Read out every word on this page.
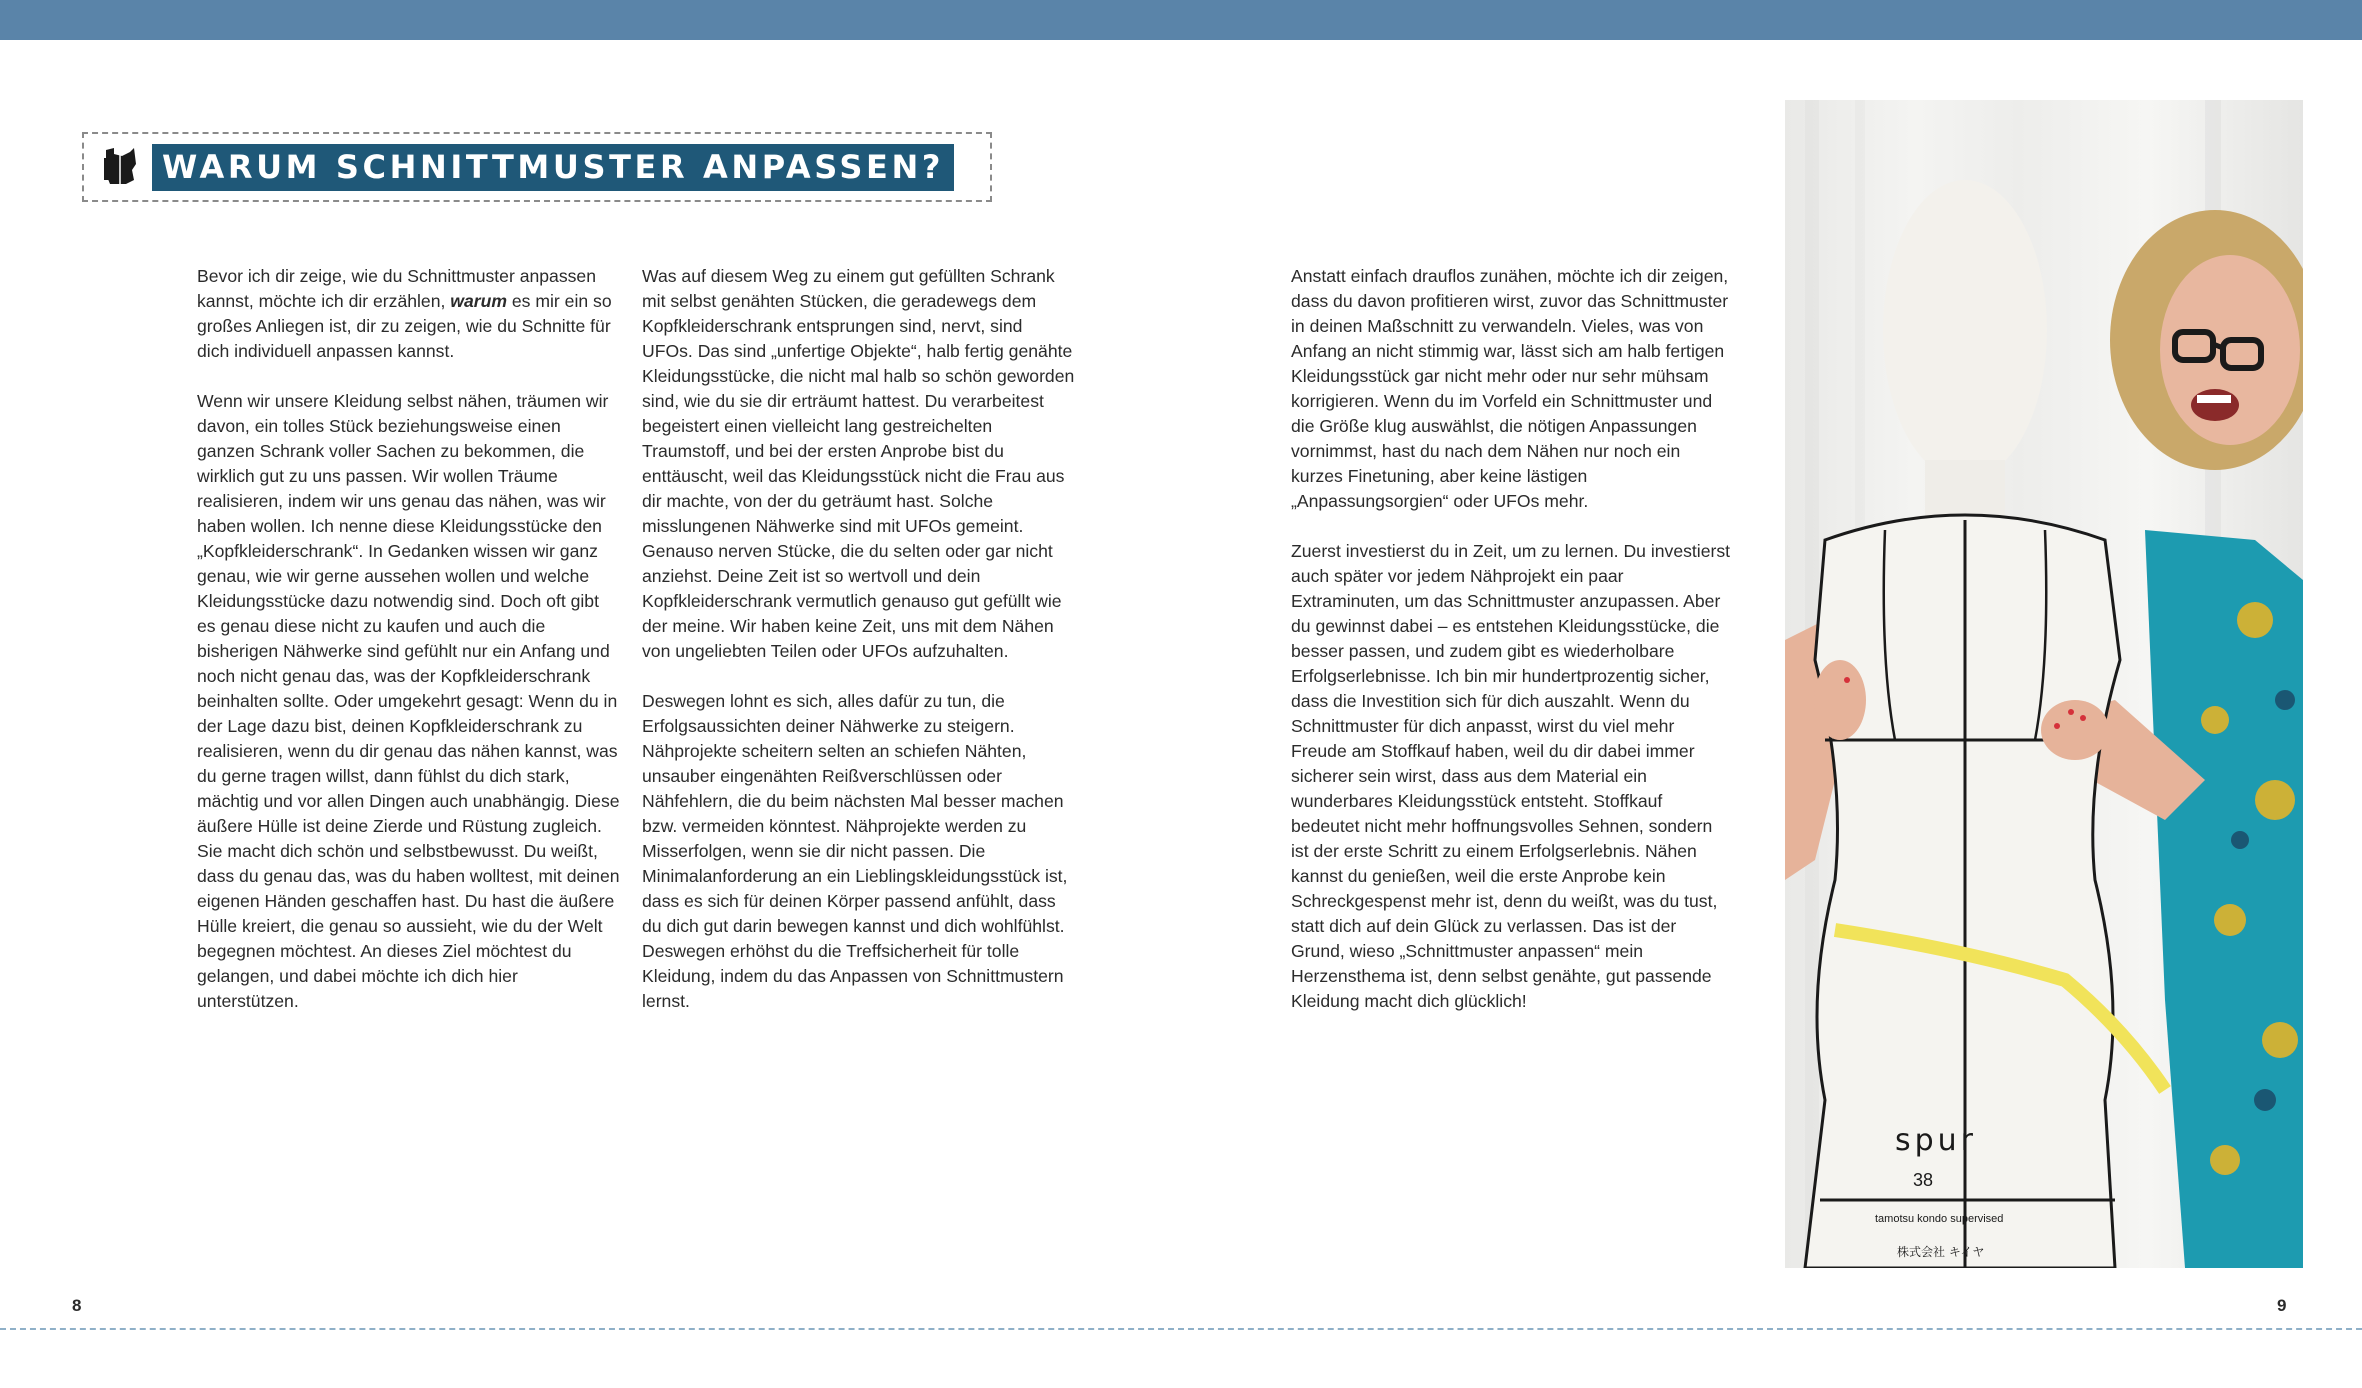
WARUM SCHNITTMUSTER ANPASSEN?

Bevor ich dir zeige, wie du Schnittmuster anpassen kannst, möchte ich dir erzählen, warum es mir ein so großes Anliegen ist, dir zu zeigen, wie du Schnitte für dich individuell anpassen kannst.

Wenn wir unsere Kleidung selbst nähen, träumen wir davon, ein tolles Stück beziehungsweise einen ganzen Schrank voller Sachen zu bekommen, die wirklich gut zu uns passen. Wir wollen Träume realisieren, indem wir uns genau das nähen, was wir haben wollen. Ich nenne diese Kleidungsstücke den „Kopfkleiderschrank“. In Gedanken wissen wir ganz genau, wie wir gerne aussehen wollen und welche Kleidungsstücke dazu notwendig sind. Doch oft gibt es genau diese nicht zu kaufen und auch die bisherigen Nähwerke sind gefühlt nur ein Anfang und noch nicht genau das, was der Kopfkleiderschrank beinhalten sollte. Oder umgekehrt gesagt: Wenn du in der Lage dazu bist, deinen Kopfkleiderschrank zu realisieren, wenn du dir genau das nähen kannst, was du gerne tragen willst, dann fühlst du dich stark, mächtig und vor allen Dingen auch unabhängig. Diese äußere Hülle ist deine Zierde und Rüstung zugleich. Sie macht dich schön und selbstbewusst. Du weißt, dass du genau das, was du haben wolltest, mit deinen eigenen Händen geschaffen hast. Du hast die äußere Hülle kreiert, die genau so aussieht, wie du der Welt begegnen möchtest. An dieses Ziel möchtest du gelangen, und dabei möchte ich dich hier unterstützen.

Was auf diesem Weg zu einem gut gefüllten Schrank mit selbst genähten Stücken, die geradewegs dem Kopfkleiderschrank entsprungen sind, nervt, sind UFOs. Das sind „unfertige Objekte“, halb fertig genähte Kleidungsstücke, die nicht mal halb so schön geworden sind, wie du sie dir erträumt hattest. Du verarbeitest begeistert einen vielleicht lang gestreichelten Traumstoff, und bei der ersten Anprobe bist du enttäuscht, weil das Kleidungsstück nicht die Frau aus dir machte, von der du geträumt hast. Solche misslungenen Nähwerke sind mit UFOs gemeint. Genauso nerven Stücke, die du selten oder gar nicht anziehst. Deine Zeit ist so wertvoll und dein Kopfkleiderschrank vermutlich genauso gut gefüllt wie der meine. Wir haben keine Zeit, uns mit dem Nähen von ungeliebten Teilen oder UFOs aufzuhalten.

Deswegen lohnt es sich, alles dafür zu tun, die Erfolgsaussichten deiner Nähwerke zu steigern. Nähprojekte scheitern selten an schiefen Nähten, unsauber eingenähten Reißverschlüssen oder Nähfehlern, die du beim nächsten Mal besser machen bzw. vermeiden könntest. Nähprojekte werden zu Misserfolgen, wenn sie dir nicht passen. Die Minimalanforderung an ein Lieblingskleidungsstück ist, dass es sich für deinen Körper passend anfühlt, dass du dich gut darin bewegen kannst und dich wohlfühlst. Deswegen erhöhst du die Treffsicherheit für tolle Kleidung, indem du das Anpassen von Schnittmustern lernst.

Anstatt einfach drauflos zunähen, möchte ich dir zeigen, dass du davon profitieren wirst, zuvor das Schnittmuster in deinen Maßschnitt zu verwandeln. Vieles, was von Anfang an nicht stimmig war, lässt sich am halb fertigen Kleidungsstück gar nicht mehr oder nur sehr mühsam korrigieren. Wenn du im Vorfeld ein Schnittmuster und die Größe klug auswählst, die nötigen Anpassungen vornimmst, hast du nach dem Nähen nur noch ein kurzes Finetuning, aber keine lästigen „Anpassungsorgien“ oder UFOs mehr.

Zuerst investierst du in Zeit, um zu lernen. Du investierst auch später vor jedem Nähprojekt ein paar Extraminuten, um das Schnittmuster anzupassen. Aber du gewinnst dabei – es entstehen Kleidungsstücke, die besser passen, und zudem gibt es wiederholbare Erfolgserlebnisse. Ich bin mir hundertprozentig sicher, dass die Investition sich für dich auszahlt. Wenn du Schnittmuster für dich anpasst, wirst du viel mehr Freude am Stoffkauf haben, weil du dir dabei immer sicherer sein wirst, dass aus dem Material ein wunderbares Kleidungsstück entsteht. Stoffkauf bedeutet nicht mehr hoffnungsvolles Sehnen, sondern ist der erste Schritt zu einem Erfolgserlebnis. Nähen kannst du genießen, weil die erste Anprobe kein Schreckgespenst mehr ist, denn du weißt, was du tust, statt dich auf dein Glück zu verlassen. Das ist der Grund, wieso „Schnittmuster anpassen“ mein Herzensthema ist, denn selbst genähte, gut passende Kleidung macht dich glücklich!

spur
38
tamotsu kondo supervised
株式会社 キイヤ
8	9
